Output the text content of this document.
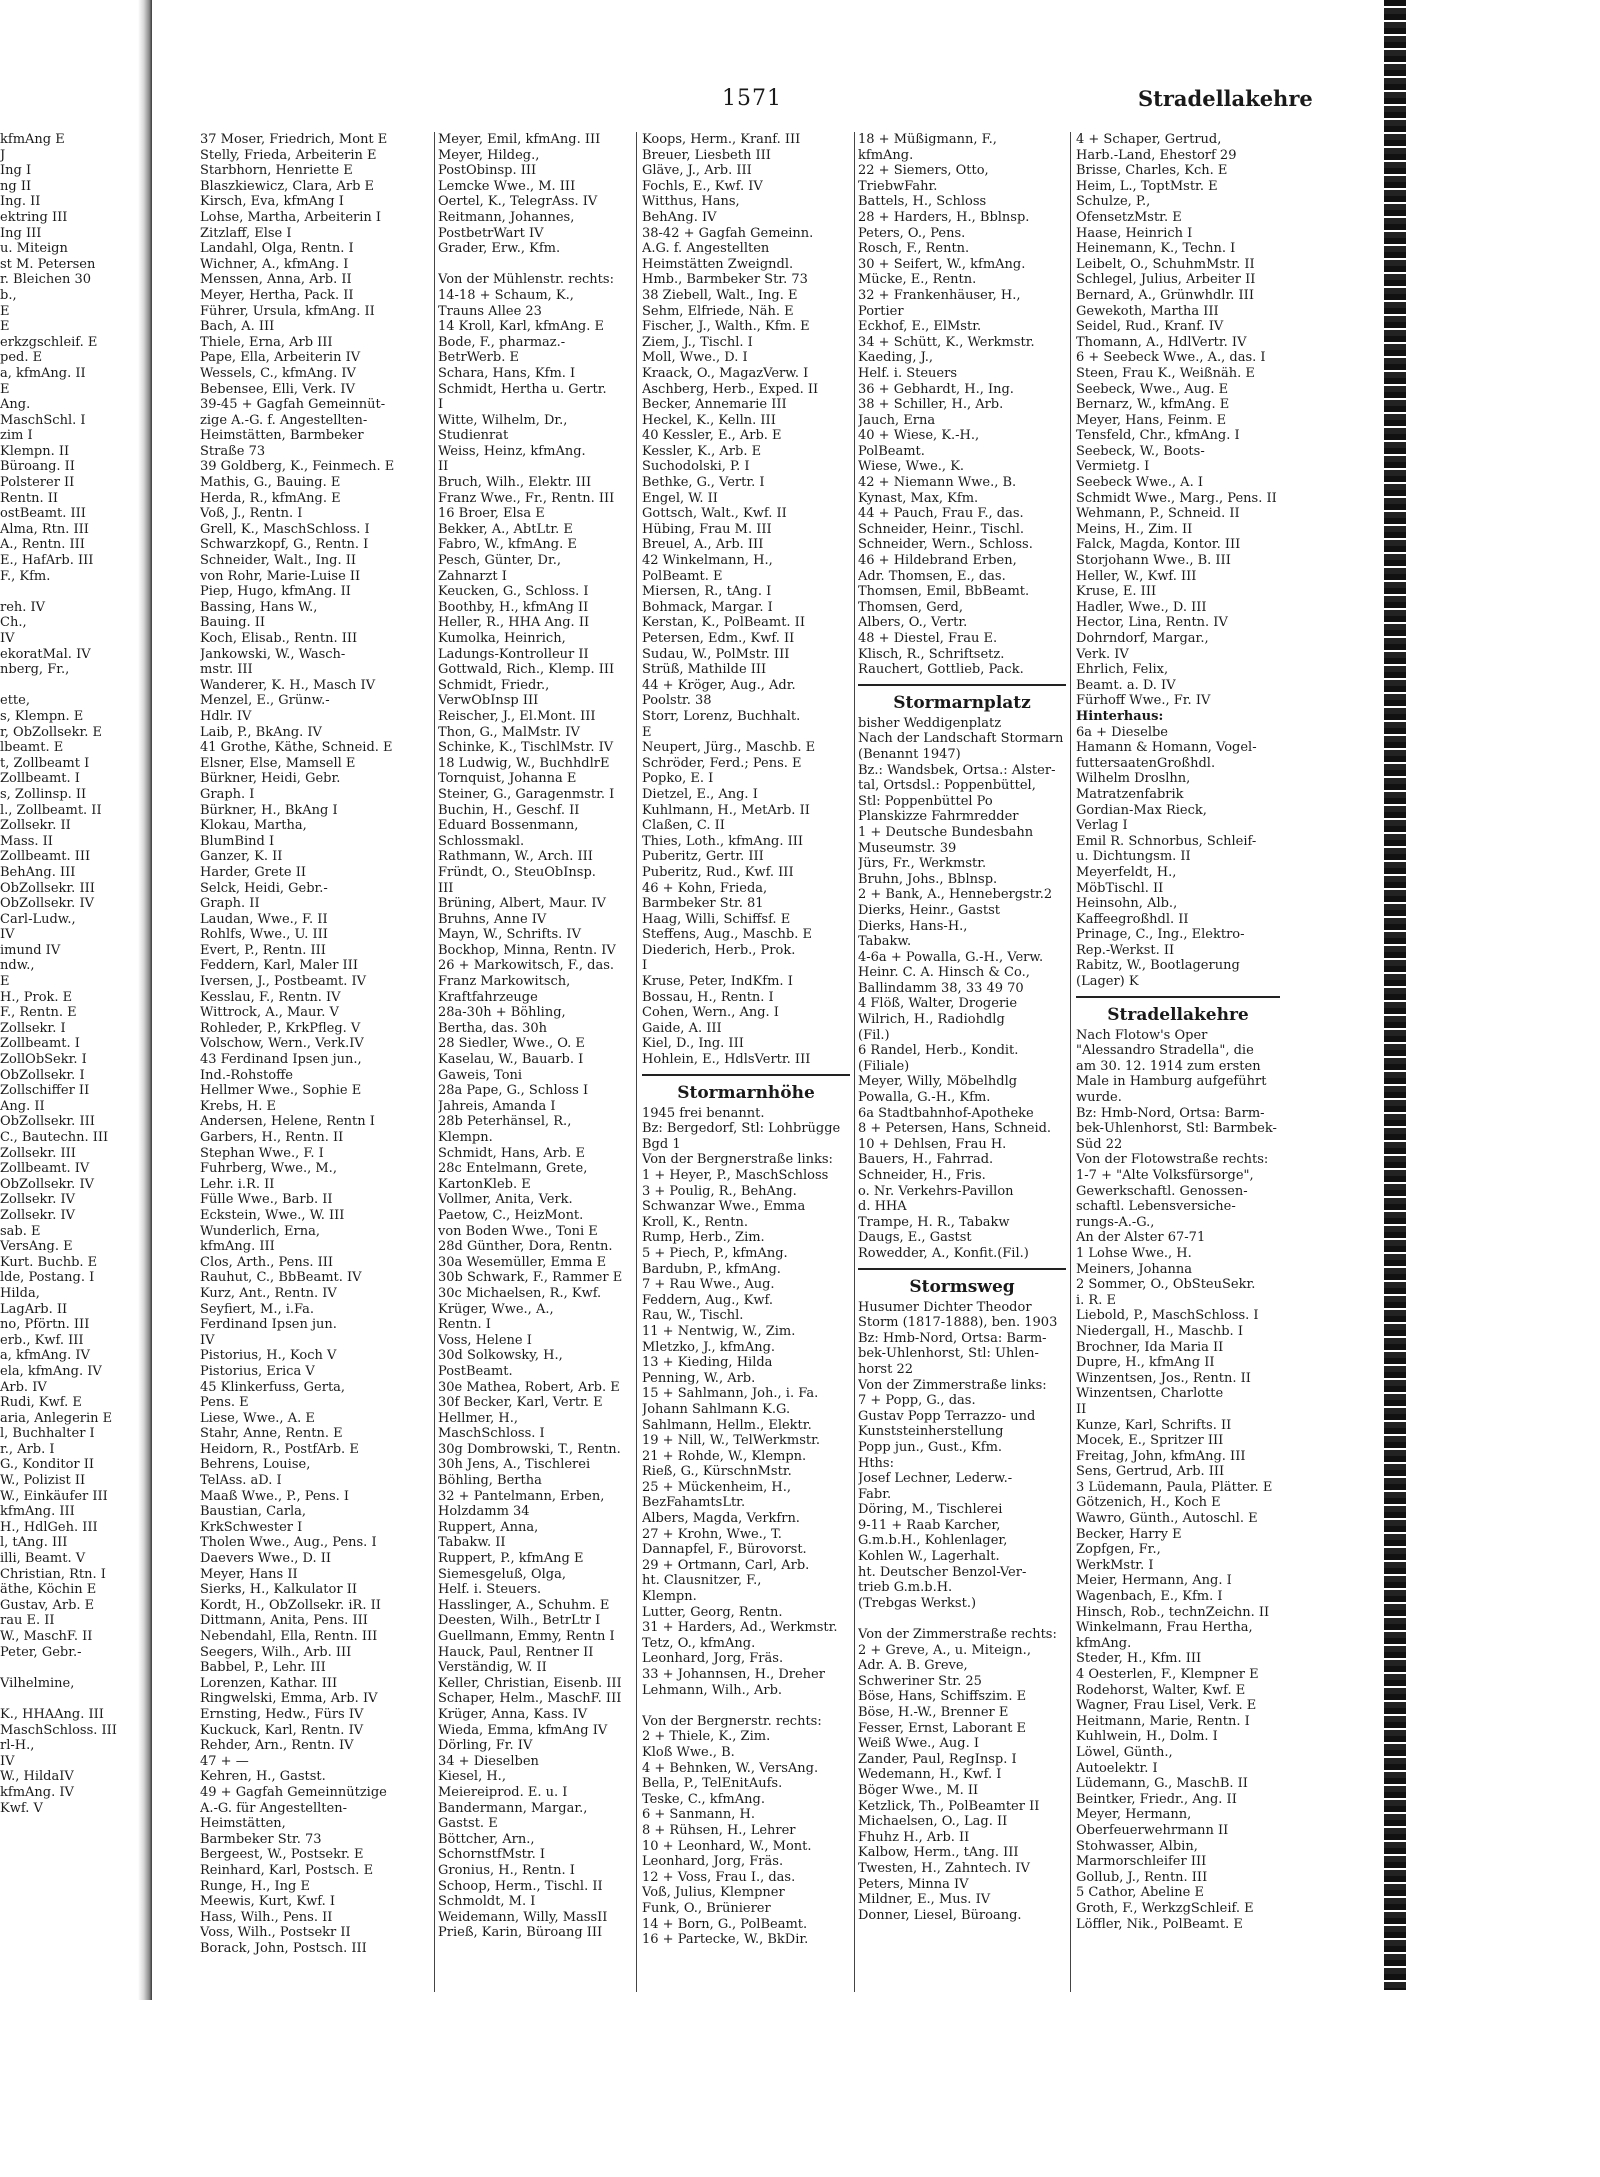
1571	Stradellakehre
kfmAng E
J
Ing I
ng II
Ing. II
ektring III
Ing III
u. Miteign
st M. Petersen
r. Bleichen 30
b.,
E
E
erkzgschleif. E
ped. E
a, kfmAng. II
E
Ang.
MaschSchl. I
zim I
Klempn. II
Büroang. II
Polsterer II
Rentn. II
ostBeamt. III
Alma, Rtn. III
A., Rentn. III
E., HafArb. III
F., Kfm.
reh. IV
Ch.,
IV
ekoratMal. IV
nberg, Fr.,
ette,
s, Klempn. E
r, ObZollsekr. E
lbeamt. E
t, Zollbeamt I
Zollbeamt. I
s, Zollinsp. II
l., Zollbeamt. II
Zollsekr. II
Mass. II
Zollbeamt. III
BehAng. III
ObZollsekr. III
ObZollsekr. IV
Carl-Ludw.,
IV
imund IV
ndw.,
E
H., Prok. E
F., Rentn. E
Zollsekr. I
Zollbeamt. I
ZollObSekr. I
ObZollsekr. I
Zollschiffer II
Ang. II
ObZollsekr. III
C., Bautechn. III
Zollsekr. III
Zollbeamt. IV
ObZollsekr. IV
Zollsekr. IV
Zollsekr. IV
sab. E
VersAng. E
Kurt. Buchb. E
lde, Postang. I
Hilda,
LagArb. II
no, Pförtn. III
erb., Kwf. III
a, kfmAng. IV
ela, kfmAng. IV
Arb. IV
Rudi, Kwf. E
aria, Anlegerin E
l, Buchhalter I
r., Arb. I
G., Konditor II
W., Polizist II
W., Einkäufer III
kfmAng. III
H., HdlGeh. III
l, tAng. III
illi, Beamt. V
Christian, Rtn. I
äthe, Köchin E
Gustav, Arb. E
rau E. II
W., MaschF. II
Peter, Gebr.-
Vilhelmine,
K., HHAAng. III
MaschSchloss. III
rl-H.,
IV
W., HildaIV
kfmAng. IV
Kwf. V
37 Moser, Friedrich, Mont E
Stelly, Frieda, Arbeiterin E
Starbhorn, Henriette E
Blaszkiewicz, Clara, Arb E
Kirsch, Eva, kfmAng I
Lohse, Martha, Arbeiterin I
Zitzlaff, Else I
Landahl, Olga, Rentn. I
Wichner, A., kfmAng. I
Menssen, Anna, Arb. II
Meyer, Hertha, Pack. II
Führer, Ursula, kfmAng. II
Bach, A. III
Thiele, Erna, Arb III
Pape, Ella, Arbeiterin IV
Wessels, C., kfmAng. IV
Bebensee, Elli, Verk. IV
39-45 + Gagfah Gemeinnüt-
zige A.-G. f. Angestellten-
Heimstätten, Barmbeker
Straße 73
39 Goldberg, K., Feinmech. E
Mathis, G., Bauing. E
Herda, R., kfmAng. E
Voß, J., Rentn. I
Grell, K., MaschSchloss. I
Schwarzkopf, G., Rentn. I
Schneider, Walt., Ing. II
von Rohr, Marie-Luise II
Piep, Hugo, kfmAng. II
Bassing, Hans W.,
Bauing. II
Koch, Elisab., Rentn. III
Jankowski, W., Wasch-
mstr. III
Wanderer, K. H., Masch IV
Menzel, E., Grünw.-
Hdlr. IV
Laib, P., BkAng. IV
41 Grothe, Käthe, Schneid. E
Elsner, Else, Mamsell E
Bürkner, Heidi, Gebr.
Graph. I
Bürkner, H., BkAng I
Klokau, Martha,
BlumBind I
Ganzer, K. II
Harder, Grete II
Selck, Heidi, Gebr.-
Graph. II
Laudan, Wwe., F. II
Rohlfs, Wwe., U. III
Evert, P., Rentn. III
Feddern, Karl, Maler III
Iversen, J., Postbeamt. IV
Kesslau, F., Rentn. IV
Wittrock, A., Maur. V
Rohleder, P., KrkPfleg. V
Volschow, Wern., Verk.IV
43 Ferdinand Ipsen jun.,
Ind.-Rohstoffe
Hellmer Wwe., Sophie E
Krebs, H. E
Andersen, Helene, Rentn I
Garbers, H., Rentn. II
Stephan Wwe., F. I
Fuhrberg, Wwe., M.,
Lehr. i.R. II
Fülle Wwe., Barb. II
Eckstein, Wwe., W. III
Wunderlich, Erna,
kfmAng. III
Clos, Arth., Pens. III
Rauhut, C., BbBeamt. IV
Kurz, Ant., Rentn. IV
Seyfiert, M., i.Fa.
Ferdinand Ipsen jun.
IV
Pistorius, H., Koch V
Pistorius, Erica V
45 Klinkerfuss, Gerta,
Pens. E
Liese, Wwe., A. E
Stahr, Anne, Rentn. E
Heidorn, R., PostfArb. E
Behrens, Louise,
TelAss. aD. I
Maaß Wwe., P., Pens. I
Baustian, Carla,
KrkSchwester I
Tholen Wwe., Aug., Pens. I
Daevers Wwe., D. II
Meyer, Hans II
Sierks, H., Kalkulator II
Kordt, H., ObZollsekr. iR. II
Dittmann, Anita, Pens. III
Nebendahl, Ella, Rentn. III
Seegers, Wilh., Arb. III
Babbel, P., Lehr. III
Lorenzen, Kathar. III
Ringwelski, Emma, Arb. IV
Ernsting, Hedw., Fürs IV
Kuckuck, Karl, Rentn. IV
Rehder, Arn., Rentn. IV
47 + —
Kehren, H., Gastst.
49 + Gagfah Gemeinnützige
A.-G. für Angestellten-
Heimstätten,
Barmbeker Str. 73
Bergeest, W., Postsekr. E
Reinhard, Karl, Postsch. E
Runge, H., Ing E
Meewis, Kurt, Kwf. I
Hass, Wilh., Pens. II
Voss, Wilh., Postsekr II
Borack, John, Postsch. III
Meyer, Emil, kfmAng. III
Meyer, Hildeg.,
PostObinsp. III
Lemcke Wwe., M. III
Oertel, K., TelegrAss. IV
Reitmann, Johannes,
PostbetrWart IV
Grader, Erw., Kfm.
Von der Mühlenstr. rechts:
14-18 + Schaum, K.,
Trauns Allee 23
14 Kroll, Karl, kfmAng. E
Bode, F., pharmaz.-
BetrWerb. E
Schara, Hans, Kfm. I
Schmidt, Hertha u. Gertr.
I
Witte, Wilhelm, Dr.,
Studienrat
Weiss, Heinz, kfmAng.
II
Bruch, Wilh., Elektr. III
Franz Wwe., Fr., Rentn. III
16 Broer, Elsa E
Bekker, A., AbtLtr. E
Fabro, W., kfmAng. E
Pesch, Günter, Dr.,
Zahnarzt I
Keucken, G., Schloss. I
Boothby, H., kfmAng II
Heller, R., HHA Ang. II
Kumolka, Heinrich,
Ladungs-Kontrolleur II
Gottwald, Rich., Klemp. III
Schmidt, Friedr.,
VerwObInsp III
Reischer, J., El.Mont. III
Thon, G., MalMstr. IV
Schinke, K., TischlMstr. IV
18 Ludwig, W., BuchhdlrE
Tornquist, Johanna E
Steiner, G., Garagenmstr. I
Buchin, H., Geschf. II
Eduard Bossenmann,
Schlossmakl.
Rathmann, W., Arch. III
Fründt, O., SteuObInsp.
III
Brüning, Albert, Maur. IV
Bruhns, Anne IV
Mayn, W., Schrifts. IV
Bockhop, Minna, Rentn. IV
26 + Markowitsch, F., das.
Franz Markowitsch,
Kraftfahrzeuge
28a-30h + Böhling,
Bertha, das. 30h
28 Siedler, Wwe., O. E
Kaselau, W., Bauarb. I
Gaweis, Toni
28a Pape, G., Schloss I
Jahreis, Amanda I
28b Peterhänsel, R.,
Klempn.
Schmidt, Hans, Arb. E
28c Entelmann, Grete,
KartonKleb. E
Vollmer, Anita, Verk.
Paetow, C., HeizMont.
von Boden Wwe., Toni E
28d Günther, Dora, Rentn.
30a Wesemüller, Emma E
30b Schwark, F., Rammer E
30c Michaelsen, R., Kwf.
Krüger, Wwe., A.,
Rentn. I
Voss, Helene I
30d Solkowsky, H.,
PostBeamt.
30e Mathea, Robert, Arb. E
30f Becker, Karl, Vertr. E
Hellmer, H.,
MaschSchloss. I
30g Dombrowski, T., Rentn.
30h Jens, A., Tischlerei
Böhling, Bertha
32 + Pantelmann, Erben,
Holzdamm 34
Ruppert, Anna,
Tabakw. II
Ruppert, P., kfmAng E
Siemesgeluß, Olga,
Helf. i. Steuers.
Hasslinger, A., Schuhm. E
Deesten, Wilh., BetrLtr I
Guellmann, Emmy, Rentn I
Hauck, Paul, Rentner II
Verständig, W. II
Keller, Christian, Eisenb. III
Schaper, Helm., MaschF. III
Krüger, Anna, Kass. IV
Wieda, Emma, kfmAng IV
Dörling, Fr. IV
34 + Dieselben
Kiesel, H.,
Meiereiprod. E. u. I
Bandermann, Margar.,
Gastst. E
Böttcher, Arn.,
SchornstfMstr. I
Gronius, H., Rentn. I
Schoop, Herm., Tischl. II
Schmoldt, M. I
Weidemann, Willy, MassII
Prieß, Karin, Büroang III
Koops, Herm., Kranf. III
Breuer, Liesbeth III
Gläve, J., Arb. III
Fochls, E., Kwf. IV
Witthus, Hans,
BehAng. IV
38-42 + Gagfah Gemeinn.
A.G. f. Angestellten
Heimstätten Zweigndl.
Hmb., Barmbeker Str. 73
38 Ziebell, Walt., Ing. E
Sehm, Elfriede, Näh. E
Fischer, J., Walth., Kfm. E
Ziem, J., Tischl. I
Moll, Wwe., D. I
Kraack, O., MagazVerw. I
Aschberg, Herb., Exped. II
Becker, Annemarie III
Heckel, K., Kelln. III
40 Kessler, E., Arb. E
Kessler, K., Arb. E
Suchodolski, P. I
Bethke, G., Vertr. I
Engel, W. II
Gottsch, Walt., Kwf. II
Hübing, Frau M. III
Breuel, A., Arb. III
42 Winkelmann, H.,
PolBeamt. E
Miersen, R., tAng. I
Bohmack, Margar. I
Kerstan, K., PolBeamt. II
Petersen, Edm., Kwf. II
Sudau, W., PolMstr. III
Strüß, Mathilde III
44 + Kröger, Aug., Adr.
Poolstr. 38
Storr, Lorenz, Buchhalt.
E
Neupert, Jürg., Maschb. E
Schröder, Ferd.; Pens. E
Popko, E. I
Dietzel, E., Ang. I
Kuhlmann, H., MetArb. II
Claßen, C. II
Thies, Loth., kfmAng. III
Puberitz, Gertr. III
Puberitz, Rud., Kwf. III
46 + Kohn, Frieda,
Barmbeker Str. 81
Haag, Willi, Schiffsf. E
Steffens, Aug., Maschb. E
Diederich, Herb., Prok.
I
Kruse, Peter, IndKfm. I
Bossau, H., Rentn. I
Cohen, Wern., Ang. I
Gaide, A. III
Kiel, D., Ing. III
Hohlein, E., HdlsVertr. III
Stormarnhöhe
1945 frei benannt.
Bz: Bergedorf, Stl: Lohbrügge
Bgd 1
Von der Bergnerstraße links:
1 + Heyer, P., MaschSchloss
3 + Poulig, R., BehAng.
Schwanzar Wwe., Emma
Kroll, K., Rentn.
Rump, Herb., Zim.
5 + Piech, P., kfmAng.
Bardubn, P., kfmAng.
7 + Rau Wwe., Aug.
Feddern, Aug., Kwf.
Rau, W., Tischl.
11 + Nentwig, W., Zim.
Mletzko, J., kfmAng.
13 + Kieding, Hilda
Penning, W., Arb.
15 + Sahlmann, Joh., i. Fa.
Johann Sahlmann K.G.
Sahlmann, Hellm., Elektr.
19 + Nill, W., TelWerkmstr.
21 + Rohde, W., Klempn.
Rieß, G., KürschnMstr.
25 + Mückenheim, H.,
BezFahamtsLtr.
Albers, Magda, Verkfrn.
27 + Krohn, Wwe., T.
Dannapfel, F., Bürovorst.
29 + Ortmann, Carl, Arb.
ht. Clausnitzer, F.,
Klempn.
Lutter, Georg, Rentn.
31 + Harders, Ad., Werkmstr.
Tetz, O., kfmAng.
Leonhard, Jorg, Fräs.
33 + Johannsen, H., Dreher
Lehmann, Wilh., Arb.
Von der Bergnerstr. rechts:
2 + Thiele, K., Zim.
Kloß Wwe., B.
4 + Behnken, W., VersAng.
Bella, P., TelEnitAufs.
Teske, C., kfmAng.
6 + Sanmann, H.
8 + Rühsen, H., Lehrer
10 + Leonhard, W., Mont.
Leonhard, Jorg, Fräs.
12 + Voss, Frau I., das.
Voß, Julius, Klempner
Funk, O., Brünierer
14 + Born, G., PolBeamt.
16 + Partecke, W., BkDir.
18 + Müßigmann, F.,
kfmAng.
22 + Siemers, Otto,
TriebwFahr.
Battels, H., Schloss
28 + Harders, H., Bblnsp.
Peters, O., Pens.
Rosch, F., Rentn.
30 + Seifert, W., kfmAng.
Mücke, E., Rentn.
32 + Frankenhäuser, H.,
Portier
Eckhof, E., ElMstr.
34 + Schütt, K., Werkmstr.
Kaeding, J.,
Helf. i. Steuers
36 + Gebhardt, H., Ing.
38 + Schiller, H., Arb.
Jauch, Erna
40 + Wiese, K.-H.,
PolBeamt.
Wiese, Wwe., K.
42 + Niemann Wwe., B.
Kynast, Max, Kfm.
44 + Pauch, Frau F., das.
Schneider, Heinr., Tischl.
Schneider, Wern., Schloss.
46 + Hildebrand Erben,
Adr. Thomsen, E., das.
Thomsen, Emil, BbBeamt.
Thomsen, Gerd,
Albers, O., Vertr.
48 + Diestel, Frau E.
Klisch, R., Schriftsetz.
Rauchert, Gottlieb, Pack.
Stormarnplatz
bisher Weddigenplatz
Nach der Landschaft Stormarn
(Benannt 1947)
Bz.: Wandsbek, Ortsa.: Alster-
tal, Ortsdsl.: Poppenbüttel,
Stl: Poppenbüttel Po
Planskizze Fahrmredder
1 + Deutsche Bundesbahn
Museumstr. 39
Jürs, Fr., Werkmstr.
Bruhn, Johs., Bblnsp.
2 + Bank, A., Hennebergstr.2
Dierks, Heinr., Gastst
Dierks, Hans-H.,
Tabakw.
4-6a + Powalla, G.-H., Verw.
Heinr. C. A. Hinsch & Co.,
Ballindamm 38, 33 49 70
4 Flöß, Walter, Drogerie
Wilrich, H., Radiohdlg
(Fil.)
6 Randel, Herb., Kondit.
(Filiale)
Meyer, Willy, Möbelhdlg
Powalla, G.-H., Kfm.
6a Stadtbahnhof-Apotheke
8 + Petersen, Hans, Schneid.
10 + Dehlsen, Frau H.
Bauers, H., Fahrrad.
Schneider, H., Fris.
o. Nr. Verkehrs-Pavillon
d. HHA
Trampe, H. R., Tabakw
Daugs, E., Gastst
Rowedder, A., Konfit.(Fil.)
Stormsweg
Husumer Dichter Theodor
Storm (1817-1888), ben. 1903
Bz: Hmb-Nord, Ortsa: Barm-
bek-Uhlenhorst, Stl: Uhlen-
horst 22
Von der Zimmerstraße links:
7 + Popp, G., das.
Gustav Popp Terrazzo- und
Kunststeinherstellung
Popp jun., Gust., Kfm.
Hths:
Josef Lechner, Lederw.-
Fabr.
Döring, M., Tischlerei
9-11 + Raab Karcher,
G.m.b.H., Kohlenlager,
Kohlen W., Lagerhalt.
ht. Deutscher Benzol-Ver-
trieb G.m.b.H.
(Trebgas Werkst.)
Von der Zimmerstraße rechts:
2 + Greve, A., u. Miteign.,
Adr. A. B. Greve,
Schweriner Str. 25
Böse, Hans, Schiffszim. E
Böse, H.-W., Brenner E
Fesser, Ernst, Laborant E
Weiß Wwe., Aug. I
Zander, Paul, RegInsp. I
Wedemann, H., Kwf. I
Böger Wwe., M. II
Ketzlick, Th., PolBeamter II
Michaelsen, O., Lag. II
Fhuhz H., Arb. II
Kalbow, Herm., tAng. III
Twesten, H., Zahntech. IV
Peters, Minna IV
Mildner, E., Mus. IV
Donner, Liesel, Büroang.
4 + Schaper, Gertrud,
Harb.-Land, Ehestorf 29
Brisse, Charles, Kch. E
Heim, L., ToptMstr. E
Schulze, P.,
OfensetzMstr. E
Haase, Heinrich I
Heinemann, K., Techn. I
Leibelt, O., SchuhmMstr. II
Schlegel, Julius, Arbeiter II
Bernard, A., Grünwhdlr. III
Gewekoth, Martha III
Seidel, Rud., Kranf. IV
Thomann, A., HdlVertr. IV
6 + Seebeck Wwe., A., das. I
Steen, Frau K., Weißnäh. E
Seebeck, Wwe., Aug. E
Bernarz, W., kfmAng. E
Meyer, Hans, Feinm. E
Tensfeld, Chr., kfmAng. I
Seebeck, W., Boots-
Vermietg. I
Seebeck Wwe., A. I
Schmidt Wwe., Marg., Pens. II
Wehmann, P., Schneid. II
Meins, H., Zim. II
Falck, Magda, Kontor. III
Storjohann Wwe., B. III
Heller, W., Kwf. III
Kruse, E. III
Hadler, Wwe., D. III
Hector, Lina, Rentn. IV
Dohrndorf, Margar.,
Verk. IV
Ehrlich, Felix,
Beamt. a. D. IV
Fürhoff Wwe., Fr. IV
Hinterhaus:
6a + Dieselbe
Hamann & Homann, Vogel-
futtersaatenGroßhdl.
Wilhelm Droslhn,
Matratzenfabrik
Gordian-Max Rieck,
Verlag I
Emil R. Schnorbus, Schleif-
u. Dichtungsm. II
Meyerfeldt, H.,
MöbTischl. II
Heinsohn, Alb.,
Kaffeegroßhdl. II
Prinage, C., Ing., Elektro-
Rep.-Werkst. II
Rabitz, W., Bootlagerung
(Lager) K
Stradellakehre
Nach Flotow's Oper
"Alessandro Stradella", die
am 30. 12. 1914 zum ersten
Male in Hamburg aufgeführt
wurde.
Bz: Hmb-Nord, Ortsa: Barm-
bek-Uhlenhorst, Stl: Barmbek-
Süd 22
Von der Flotowstraße rechts:
1-7 + "Alte Volksfürsorge",
Gewerkschaftl. Genossen-
schaftl. Lebensversiche-
rungs-A.-G.,
An der Alster 67-71
1 Lohse Wwe., H.
Meiners, Johanna
2 Sommer, O., ObSteuSekr.
i. R. E
Liebold, P., MaschSchloss. I
Niedergall, H., Maschb. I
Brochner, Ida Maria II
Dupre, H., kfmAng II
Winzentsen, Jos., Rentn. II
Winzentsen, Charlotte
II
Kunze, Karl, Schrifts. II
Mocek, E., Spritzer III
Freitag, John, kfmAng. III
Sens, Gertrud, Arb. III
3 Lüdemann, Paula, Plätter. E
Götzenich, H., Koch E
Wawro, Günth., Autoschl. E
Becker, Harry E
Zopfgen, Fr.,
WerkMstr. I
Meier, Hermann, Ang. I
Wagenbach, E., Kfm. I
Hinsch, Rob., technZeichn. II
Winkelmann, Frau Hertha,
kfmAng.
Steder, H., Kfm. III
4 Oesterlen, F., Klempner E
Rodehorst, Walter, Kwf. E
Wagner, Frau Lisel, Verk. E
Heitmann, Marie, Rentn. I
Kuhlwein, H., Dolm. I
Löwel, Günth.,
Autoelektr. I
Lüdemann, G., MaschB. II
Beintker, Friedr., Ang. II
Meyer, Hermann,
Oberfeuerwehrmann II
Stohwasser, Albin,
Marmorschleifer III
Gollub, J., Rentn. III
5 Cathor, Abeline E
Groth, F., WerkzgSchleif. E
Löffler, Nik., PolBeamt. E
